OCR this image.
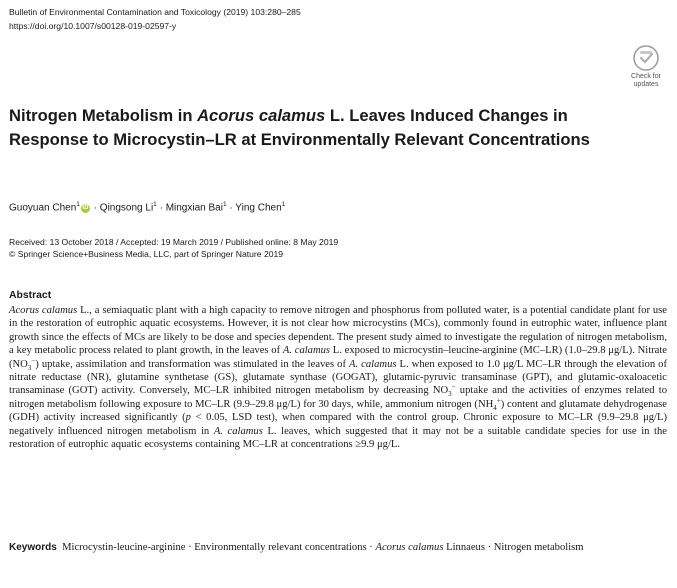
Bulletin of Environmental Contamination and Toxicology (2019) 103:280–285
https://doi.org/10.1007/s00128-019-02597-y
Check for
updates
Nitrogen Metabolism in Acorus calamus L. Leaves Induced Changes in Response to Microcystin–LR at Environmentally Relevant Concentrations
Guoyuan Chen$^1$iD · Qingsong $Li^1$ · Mingxian Bai$^1$ · Ying Chen$^1$
Received: 13 October 2018 / Accepted: 19 March 2019 / Published online: 8 May 2019
© Springer Science+Business Media, LLC, part of Springer Nature 2019
Abstract

Acorus calamus L., a semiaquatic plant with a high capacity to remove nitrogen and phosphorus from polluted water, is a potential candidate plant for use in the restoration of eutrophic aquatic ecosystems. However, it is not clear how microcystins (MCs), commonly found in eutrophic water, influence plant growth since the effects of MCs are likely to be dose and species dependent. The present study aimed to investigate the regulation of nitrogen metabolism, a key metabolic process related to plant growth, in the leaves of A. calamus L. exposed to microcystin–leucine-arginine (MC–LR) (1.0–29.8 μg/L). Nitrate $(NO_3^-)$ uptake, assimilation and transformation was stimulated in the leaves of A. calamus L. when exposed to 1.0 μg/L MC–LR through the elevation of nitrate reductase (NR), glutamine synthetase (GS), glutamate synthase (GOGAT), glutamic-pyruvic transaminase (GPT), and glutamic-oxaloacetic transaminase (GOT) activity. Conversely, MC–LR inhibited nitrogen metabolism by decreasing $NO_3^-$ uptake and the activities of enzymes related to nitrogen metabolism following exposure to MC–LR (9.9–29.8 μg/L) for 30 days, while, ammonium nitrogen $(NH_4^+)$ content and glutamate dehydrogenase (GDH) activity increased significantly (p < 0.05, LSD test), when compared with the control group. Chronic exposure to MC–LR (9.9–29.8 μg/L) negatively influenced nitrogen metabolism in A. calamus L. leaves, which suggested that it may not be a suitable candidate species for use in the restoration of eutrophic aquatic ecosystems containing MC–LR at concentrations ≥9.9 μg/L.

Keywords Microcystin-leucine-arginine · Environmentally relevant concentrations · Acorus calamus Linnaeus · Nitrogen metabolism
